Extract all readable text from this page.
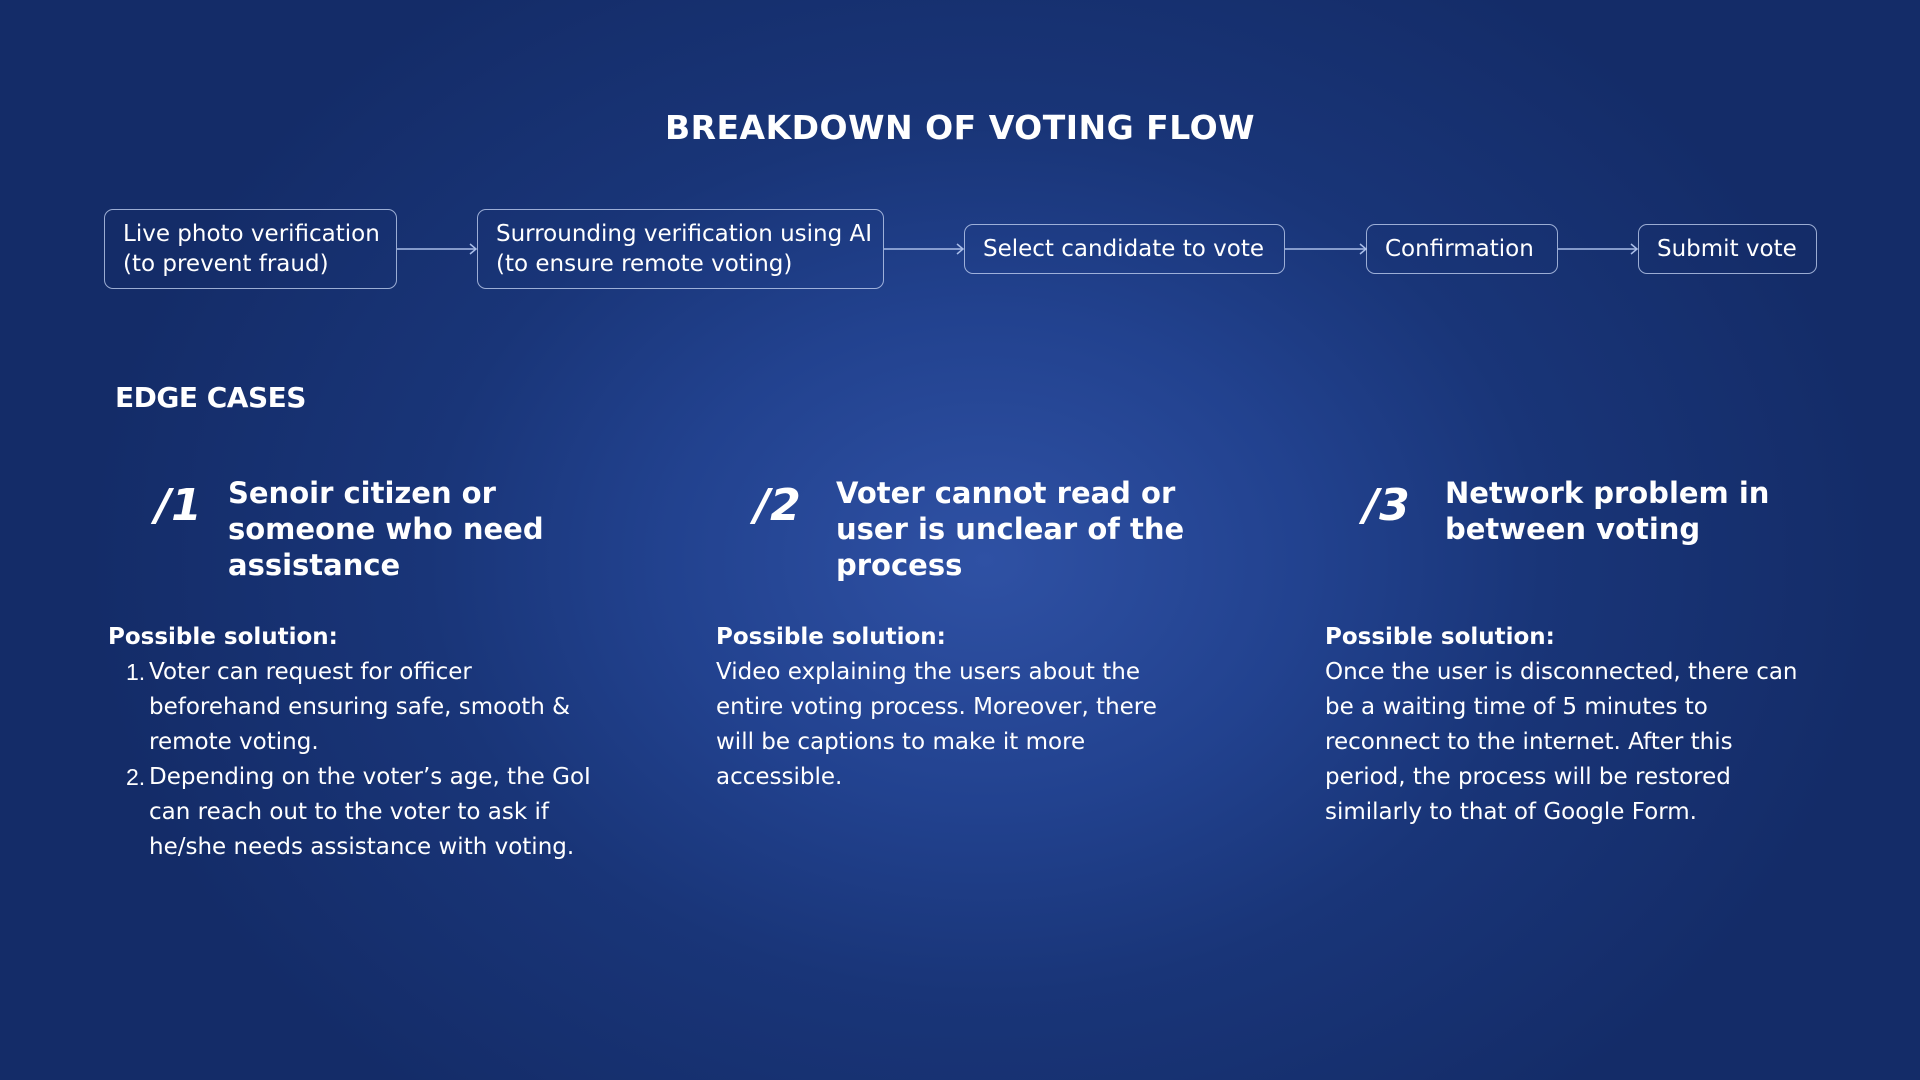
BREAKDOWN OF VOTING FLOW
Live photo verification
(to prevent fraud)
Surrounding verification using AI
(to ensure remote voting)
Select candidate to vote	Confirmation	Submit vote
EDGE CASES
/1 Senoir citizen or
someone who need
assistance
Possible solution:
1. Voter can request for officer
beforehand ensuring safe, smooth &
remote voting.
2. Depending on the voter’s age, the GoI
can reach out to the voter to ask if
he/she needs assistance with voting.
/2 Voter cannot read or
user is unclear of the
process
Possible solution:
Video explaining the users about the
entire voting process. Moreover, there
will be captions to make it more
accessible.
/3 Network problem in
between voting
Possible solution:
Once the user is disconnected, there can
be a waiting time of 5 minutes to
reconnect to the internet. After this
period, the process will be restored
similarly to that of Google Form.
